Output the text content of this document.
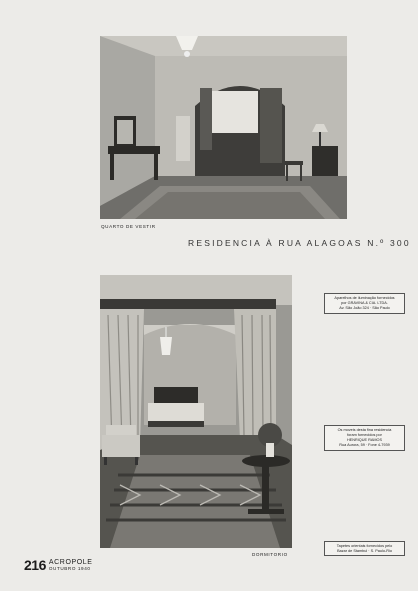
QUARTO DE VESTIR
RESIDENCIA À RUA ALAGOAS N.º 300
DORMITORIO
Aparelhos de iluminação fornecidos
por GRAVINA & CIA. LTDA.
Av. São João 324 · São Paulo
Os moveis desta fina residencia
foram fornecidos por
HENRIQUE RAMOS
Rua Aurora, 59 · Fone 4-7939
Tapetes orientais fornecidos pelo
Bazar de Stambul · S. Paulo-Rio
216 ACROPOLE
OUTUBRO 1940
